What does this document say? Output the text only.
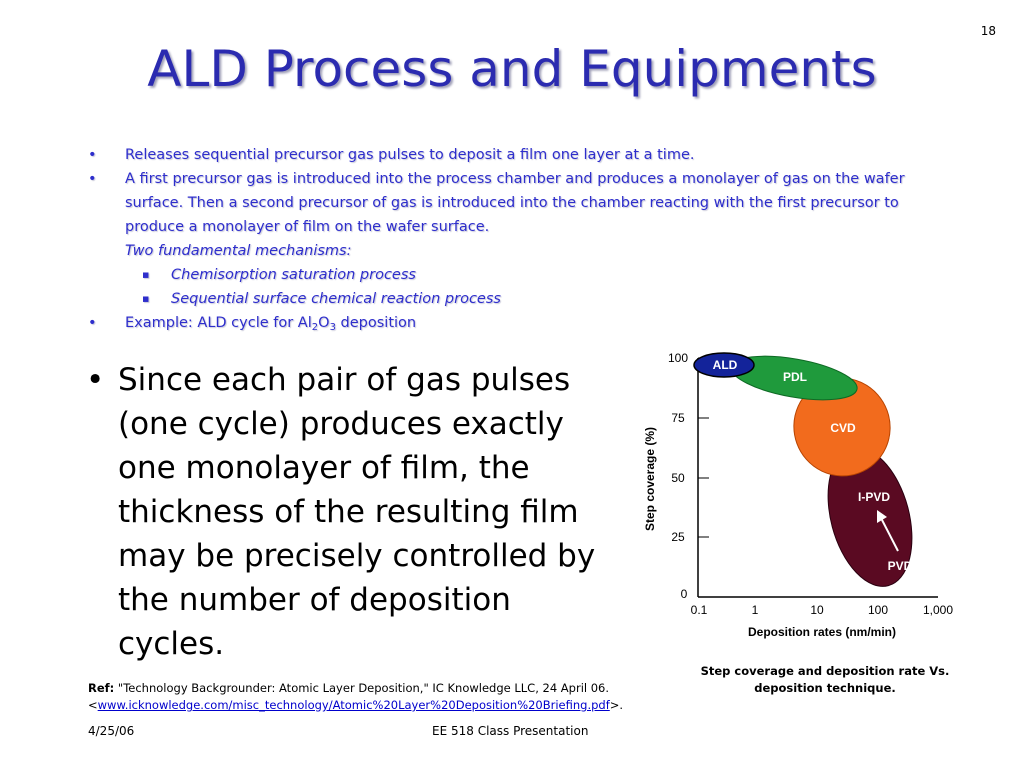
18
ALD Process and Equipments
• Releases sequential precursor gas pulses to deposit a film one layer at a time.
• A first precursor gas is introduced into the process chamber and produces a monolayer of gas on the wafer surface. Then a second precursor of gas is introduced into the chamber reacting with the first precursor to produce a monolayer of film on the wafer surface.
Two fundamental mechanisms:
▪ Chemisorption saturation process
▪ Sequential surface chemical reaction process
• Example: ALD cycle for $Al_2O_3$ deposition
• Since each pair of gas pulses (one cycle) produces exactly one monolayer of film, the thickness of the resulting film may be precisely controlled by the number of deposition cycles.
ALD
PDL
CVD
I-PVD
PVD
100
75
50
25
0
0.1	1	10	100	1,000
Deposition rates (nm/min)
Step coverage (%)
Step coverage and deposition rate Vs. deposition technique.
Ref: "Technology Backgrounder: Atomic Layer Deposition," IC Knowledge LLC, 24 April 06.
<www.icknowledge.com/misc_technology/Atomic%20Layer%20Deposition%20Briefing.pdf>.
4/25/06	EE 518 Class Presentation
